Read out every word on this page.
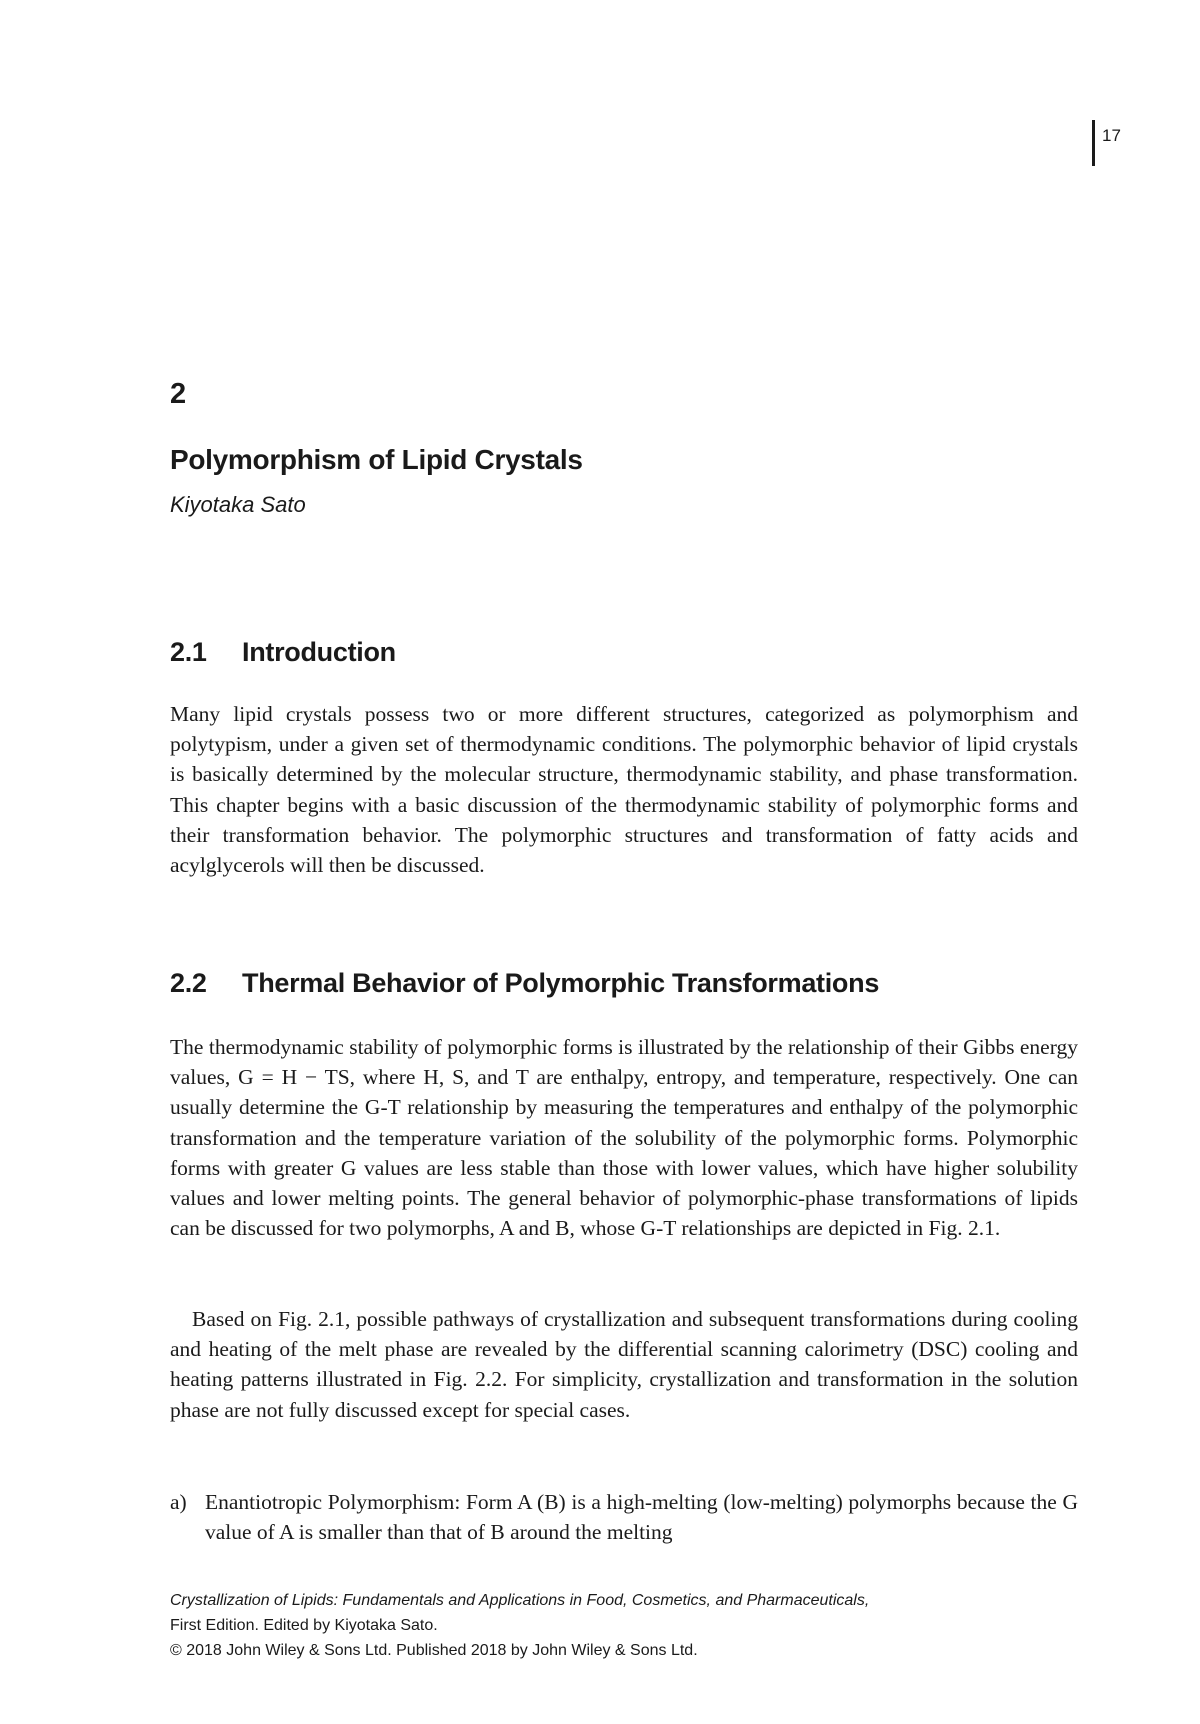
17
2
Polymorphism of Lipid Crystals
Kiyotaka Sato
2.1 Introduction

Many lipid crystals possess two or more different structures, categorized as polymorphism and polytypism, under a given set of thermodynamic conditions. The polymorphic behavior of lipid crystals is basically determined by the molecular structure, thermodynamic stability, and phase transformation. This chapter begins with a basic discussion of the thermodynamic stability of polymorphic forms and their transformation behavior. The polymorphic structures and transformation of fatty acids and acylglycerols will then be discussed.

2.2 Thermal Behavior of Polymorphic Transformations

The thermodynamic stability of polymorphic forms is illustrated by the relationship of their Gibbs energy values, G = H − TS, where H, S, and T are enthalpy, entropy, and temperature, respectively. One can usually determine the G-T relationship by measuring the temperatures and enthalpy of the polymorphic transformation and the temperature variation of the solubility of the polymorphic forms. Polymorphic forms with greater G values are less stable than those with lower values, which have higher solubility values and lower melting points. The general behavior of polymorphic-phase transformations of lipids can be discussed for two polymorphs, A and B, whose G-T relationships are depicted in Fig. 2.1.

Based on Fig. 2.1, possible pathways of crystallization and subsequent transformations during cooling and heating of the melt phase are revealed by the differential scanning calorimetry (DSC) cooling and heating patterns illustrated in Fig. 2.2. For simplicity, crystallization and transformation in the solution phase are not fully discussed except for special cases.

a) Enantiotropic Polymorphism: Form A (B) is a high-melting (low-melting) polymorphs because the G value of A is smaller than that of B around the melting
Crystallization of Lipids: Fundamentals and Applications in Food, Cosmetics, and Pharmaceuticals,
First Edition. Edited by Kiyotaka Sato.
© 2018 John Wiley & Sons Ltd. Published 2018 by John Wiley & Sons Ltd.
